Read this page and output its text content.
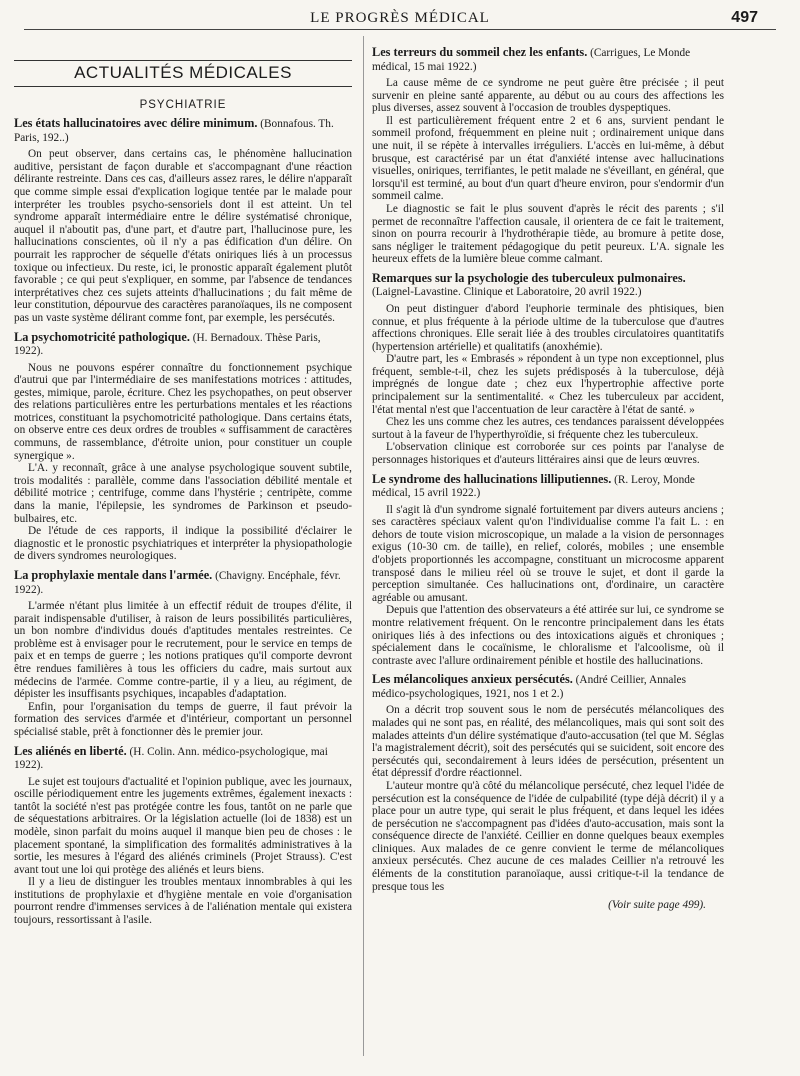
LE PROGRÈS MÉDICAL	497
ACTUALITÉS MÉDICALES
PSYCHIATRIE
Les états hallucinatoires avec délire minimum. (Bonnafous. Th. Paris, 192..)

On peut observer, dans certains cas, le phénomène hallucination auditive, persistant de façon durable et s'accompagnant d'une réaction délirante restreinte. Dans ces cas, d'ailleurs assez rares, le délire n'apparaît que comme simple essai d'explication logique tentée par le malade pour interpréter les troubles psycho-sensoriels dont il est atteint. Un tel syndrome apparaît intermédiaire entre le délire systématisé chronique, auquel il n'aboutit pas, d'une part, et d'autre part, l'hallucinose pure, les hallucinations conscientes, où il n'y a pas édification d'un délire. On pourrait les rapprocher de séquelle d'états oniriques liés à un processus toxique ou infectieux. Du reste, ici, le pronostic apparaît également plutôt favorable ; ce qui peut s'expliquer, en somme, par l'absence de tendances interprétatives chez ces sujets atteints d'hallucinations ; du fait même de leur constitution, dépourvue des caractères paranoïaques, ils ne composent pas un vaste système délirant comme font, par exemple, les persécutés.

La psychomotricité pathologique. (H. Bernadoux. Thèse Paris, 1922).

Nous ne pouvons espérer connaître du fonctionnement psychique d'autrui que par l'intermédiaire de ses manifestations motrices : attitudes, gestes, mimique, parole, écriture. Chez les psychopathes, on peut observer des relations particulières entre les perturbations mentales et les réactions motrices, constituant la psychomotricité pathologique. Dans certains états, on observe entre ces deux ordres de troubles « suffisamment de caractères communs, de rassemblance, d'étroite union, pour constituer un couple synergique ».

L'A. y reconnaît, grâce à une analyse psychologique souvent subtile, trois modalités : parallèle, comme dans l'association débilité mentale et débilité motrice ; centrifuge, comme dans l'hystérie ; centripète, comme dans la manie, l'épilepsie, les syndromes de Parkinson et pseudo-bulbaires, etc.

De l'étude de ces rapports, il indique la possibilité d'éclairer le diagnostic et le pronostic psychiatriques et interpréter la physiopathologie de divers syndromes neurologiques.

La prophylaxie mentale dans l'armée. (Chavigny. Encéphale, févr. 1922).

L'armée n'étant plus limitée à un effectif réduit de troupes d'élite, il parait indispensable d'utiliser, à raison de leurs possibilités particulières, un bon nombre d'individus doués d'aptitudes mentales restreintes. Ce problème est à envisager pour le recrutement, pour le service en temps de paix et en temps de guerre ; les notions pratiques qu'il comporte devront être rendues familières à tous les officiers du cadre, mais surtout aux médecins de l'armée. Comme contre-partie, il y a lieu, au régiment, de dépister les insuffisants psychiques, incapables d'adaptation.

Enfin, pour l'organisation du temps de guerre, il faut prévoir la formation des services d'armée et d'intérieur, comportant un personnel spécialisé stable, prêt à fonctionner dès le premier jour.

Les aliénés en liberté. (H. Colin. Ann. médico-psychologique, mai 1922).

Le sujet est toujours d'actualité et l'opinion publique, avec les journaux, oscille périodiquement entre les jugements extrêmes, également inexacts : tantôt la société n'est pas protégée contre les fous, tantôt on ne parle que de séquestations arbitraires. Or la législation actuelle (loi de 1838) est un modèle, sinon parfait du moins auquel il manque bien peu de choses : le placement spontané, la simplification des formalités administratives à la sortie, les mesures à l'égard des aliénés criminels (Projet Strauss). C'est avant tout une loi qui protège des aliénés et leurs biens.

Il y a lieu de distinguer les troubles mentaux innombrables à qui les institutions de prophylaxie et d'hygiène mentale en voie d'organisation pourront rendre d'immenses services à de l'aliénation mentale qui existera toujours, ressortissant à l'asile.

Les terreurs du sommeil chez les enfants. (Carrigues, Le Monde médical, 15 mai 1922.)

La cause même de ce syndrome ne peut guère être précisée ; il peut survenir en pleine santé apparente, au début ou au cours des affections les plus diverses, assez souvent à l'occasion de troubles dyspeptiques.

Il est particulièrement fréquent entre 2 et 6 ans, survient pendant le sommeil profond, fréquemment en pleine nuit ; ordinairement unique dans une nuit, il se répète à intervalles irréguliers. L'accès en lui-même, à début brusque, est caractérisé par un état d'anxiété intense avec hallucinations visuelles, oniriques, terrifiantes, le petit malade ne s'éveillant, en général, que lorsqu'il est terminé, au bout d'un quart d'heure environ, pour s'endormir d'un sommeil calme.

Le diagnostic se fait le plus souvent d'après le récit des parents ; s'il permet de reconnaître l'affection causale, il orientera de ce fait le traitement, sinon on pourra recourir à l'hydrothérapie tiède, au bromure à petite dose, sans négliger le traitement pédagogique du petit peureux. L'A. signale les heureux effets de la lumière bleue comme calmant.

Remarques sur la psychologie des tuberculeux pulmonaires. (Laignel-Lavastine. Clinique et Laboratoire, 20 avril 1922.)

On peut distinguer d'abord l'euphorie terminale des phtisiques, bien connue, et plus fréquente à la période ultime de la tuberculose que d'autres affections chroniques. Elle serait liée à des troubles circulatoires quantitatifs (hypertension artérielle) et qualitatifs (anoxhémie).

D'autre part, les « Embrasés » répondent à un type non exceptionnel, plus fréquent, semble-t-il, chez les sujets prédisposés à la tuberculose, déjà imprégnés de longue date ; chez eux l'hypertrophie affective porte principalement sur la sentimentalité. « Chez les tuberculeux par accident, l'état mental n'est que l'accentuation de leur caractère à l'état de santé. »

Chez les uns comme chez les autres, ces tendances paraissent développées surtout à la faveur de l'hyperthyroïdie, si fréquente chez les tuberculeux.

L'observation clinique est corroborée sur ces points par l'analyse de personnages historiques et d'auteurs littéraires ainsi que de leurs œuvres.

Le syndrome des hallucinations lilliputiennes. (R. Leroy, Monde médical, 15 avril 1922.)

Il s'agit là d'un syndrome signalé fortuitement par divers auteurs anciens ; ses caractères spéciaux valent qu'on l'individualise comme l'a fait L. : en dehors de toute vision microscopique, un malade a la vision de personnages exigus (10-30 cm. de taille), en relief, colorés, mobiles ; une ensemble d'objets proportionnés les accompagne, constituant un microcosme apparent transposé dans le milieu réel où se trouve le sujet, et dont il garde la perception simultanée. Ces hallucinations ont, d'ordinaire, un caractère agréable ou amusant.

Depuis que l'attention des observateurs a été attirée sur lui, ce syndrome se montre relativement fréquent. On le rencontre principalement dans les états oniriques liés à des infections ou des intoxications aiguës et chroniques ; spécialement dans le cocaïnisme, le chloralisme et l'alcoolisme, où il contraste avec l'allure ordinairement pénible et hostile des hallucinations.

Les mélancoliques anxieux persécutés. (André Ceillier, Annales médico-psychologiques, 1921, nos 1 et 2.)

On a décrit trop souvent sous le nom de persécutés mélancoliques des malades qui ne sont pas, en réalité, des mélancoliques, mais qui sont soit des malades atteints d'un délire systématique d'auto-accusation (tel que M. Séglas l'a magistralement décrit), soit des persécutés qui se suicident, soit encore des persécutés qui, secondairement à leurs idées de persécution, présentent un état dépressif d'ordre réactionnel.

L'auteur montre qu'à côté du mélancolique persécuté, chez lequel l'idée de persécution est la conséquence de l'idée de culpabilité (type déjà décrit) il y a place pour un autre type, qui serait le plus fréquent, et dans lequel les idées de persécution ne s'accompagnent pas d'idées d'auto-accusation, mais sont la conséquence directe de l'anxiété. Ceillier en donne quelques beaux exemples cliniques. Aux malades de ce genre convient le terme de mélancoliques anxieux persécutés. Chez aucune de ces malades Ceillier n'a retrouvé les éléments de la constitution paranoïaque, aussi critique-t-il la tendance de presque tous les

(Voir suite page 499).
